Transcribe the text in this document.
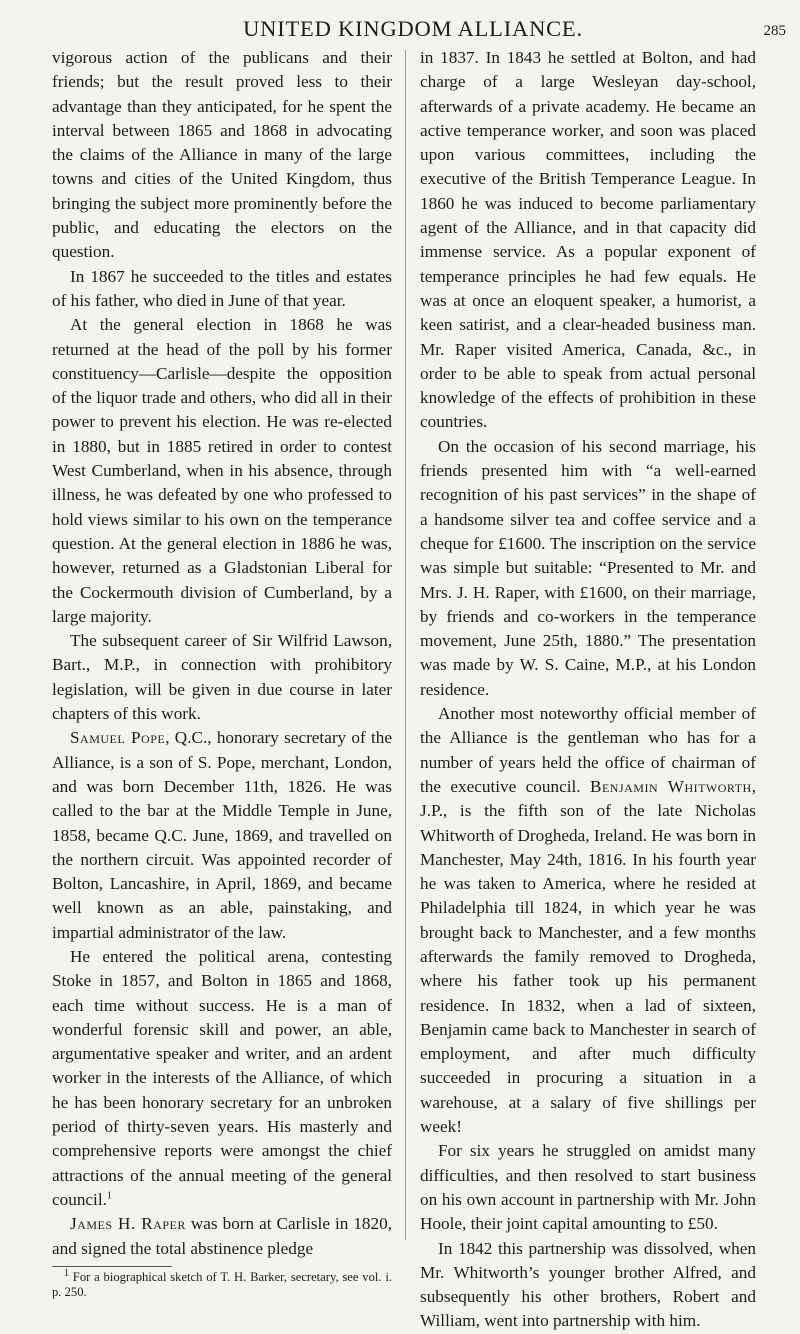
UNITED KINGDOM ALLIANCE.	285

vigorous action of the publicans and their friends; but the result proved less to their advantage than they anticipated, for he spent the interval between 1865 and 1868 in advocating the claims of the Alliance in many of the large towns and cities of the United Kingdom, thus bringing the subject more prominently before the public, and educating the electors on the question.

In 1867 he succeeded to the titles and estates of his father, who died in June of that year.

At the general election in 1868 he was returned at the head of the poll by his former constituency—Carlisle—despite the opposition of the liquor trade and others, who did all in their power to prevent his election. He was re-elected in 1880, but in 1885 retired in order to contest West Cumberland, when in his absence, through illness, he was defeated by one who professed to hold views similar to his own on the temperance question. At the general election in 1886 he was, however, returned as a Gladstonian Liberal for the Cockermouth division of Cumberland, by a large majority.

The subsequent career of Sir Wilfrid Lawson, Bart., M.P., in connection with prohibitory legislation, will be given in due course in later chapters of this work.

Samuel Pope, Q.C., honorary secretary of the Alliance, is a son of S. Pope, merchant, London, and was born December 11th, 1826. He was called to the bar at the Middle Temple in June, 1858, became Q.C. June, 1869, and travelled on the northern circuit. Was appointed recorder of Bolton, Lancashire, in April, 1869, and became well known as an able, painstaking, and impartial administrator of the law.

He entered the political arena, contesting Stoke in 1857, and Bolton in 1865 and 1868, each time without success. He is a man of wonderful forensic skill and power, an able, argumentative speaker and writer, and an ardent worker in the interests of the Alliance, of which he has been honorary secretary for an unbroken period of thirty-seven years. His masterly and comprehensive reports were amongst the chief attractions of the annual meeting of the general council.$^1$

James H. Raper was born at Carlisle in 1820, and signed the total abstinence pledge

$^1$ For a biographical sketch of T. H. Barker, secretary, see vol. i. p. 250.

in 1837. In 1843 he settled at Bolton, and had charge of a large Wesleyan day-school, afterwards of a private academy. He became an active temperance worker, and soon was placed upon various committees, including the executive of the British Temperance League. In 1860 he was induced to become parliamentary agent of the Alliance, and in that capacity did immense service. As a popular exponent of temperance principles he had few equals. He was at once an eloquent speaker, a humorist, a keen satirist, and a clear-headed business man. Mr. Raper visited America, Canada, &c., in order to be able to speak from actual personal knowledge of the effects of prohibition in these countries.

On the occasion of his second marriage, his friends presented him with “a well-earned recognition of his past services” in the shape of a handsome silver tea and coffee service and a cheque for £1600. The inscription on the service was simple but suitable: “Presented to Mr. and Mrs. J. H. Raper, with £1600, on their marriage, by friends and co-workers in the temperance movement, June 25th, 1880.” The presentation was made by W. S. Caine, M.P., at his London residence.

Another most noteworthy official member of the Alliance is the gentleman who has for a number of years held the office of chairman of the executive council. Benjamin Whitworth, J.P., is the fifth son of the late Nicholas Whitworth of Drogheda, Ireland. He was born in Manchester, May 24th, 1816. In his fourth year he was taken to America, where he resided at Philadelphia till 1824, in which year he was brought back to Manchester, and a few months afterwards the family removed to Drogheda, where his father took up his permanent residence. In 1832, when a lad of sixteen, Benjamin came back to Manchester in search of employment, and after much difficulty succeeded in procuring a situation in a warehouse, at a salary of five shillings per week!

For six years he struggled on amidst many difficulties, and then resolved to start business on his own account in partnership with Mr. John Hoole, their joint capital amounting to £50.

In 1842 this partnership was dissolved, when Mr. Whitworth’s younger brother Alfred, and subsequently his other brothers, Robert and William, went into partnership with him.
